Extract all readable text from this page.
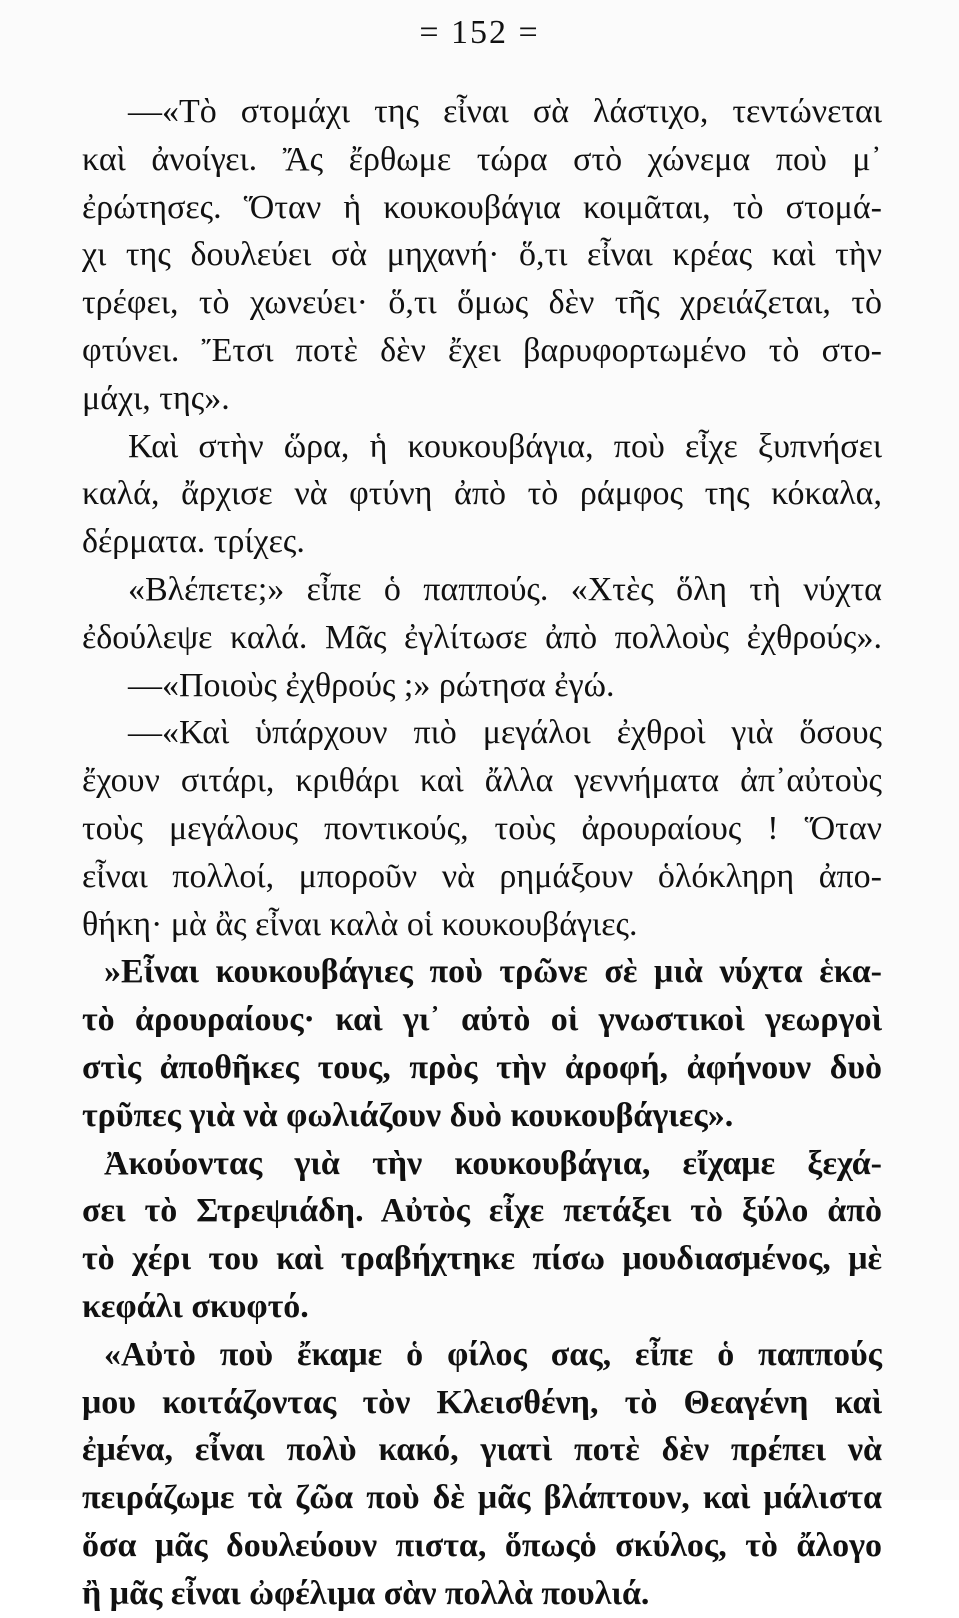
= 152 =
—«Τὸ στομάχι της εἶναι σὰ λάστιχο, τεντώνεται
καὶ ἀνοίγει. Ἄς ἔρθωμε τώρα στὸ χώνεμα ποὺ μ᾽
ἐρώτησες. Ὅταν ἡ κουκουβάγια κοιμᾶται, τὸ στομά-
χι της δουλεύει σὰ μηχανή· ὅ,τι εἶναι κρέας καὶ τὴν
τρέφει, τὸ χωνεύει· ὅ,τι ὅμως δὲν τῆς χρειάζεται, τὸ
φτύνει. Ἔτσι ποτὲ δὲν ἔχει βαρυφορτωμένο τὸ στο-
μάχι, της».
Καὶ στὴν ὥρα, ἡ κουκουβάγια, ποὺ εἶχε ξυπνήσει
καλά, ἄρχισε νὰ φτύνη ἀπὸ τὸ ράμφος της κόκαλα,
δέρματα. τρίχες.
«Βλέπετε;» εἶπε ὁ παππούς. «Χτὲς ὅλη τὴ νύχτα
ἐδούλεψε καλά. Μᾶς ἐγλίτωσε ἀπὸ πολλοὺς ἐχθρούς».
—«Ποιοὺς ἐχθρούς ;» ρώτησα ἐγώ.
—«Καὶ ὑπάρχουν πιὸ μεγάλοι ἐχθροὶ γιὰ ὅσους
ἔχουν σιτάρι, κριθάρι καὶ ἄλλα γεννήματα ἀπ᾽αὐτοὺς
τοὺς μεγάλους ποντικούς, τοὺς ἀρουραίους ! Ὅταν
εἶναι πολλοί, μποροῦν νὰ ρημάξουν ὁλόκληρη ἀπο-
θήκη· μὰ ἂς εἶναι καλὰ οἱ κουκουβάγιες.
»Εἶναι κουκουβάγιες ποὺ τρῶνε σὲ μιὰ νύχτα ἑκα-
τὸ ἀρουραίους· καὶ γι᾽ αὐτὸ οἱ γνωστικοὶ γεωργοὶ
στὶς ἀποθῆκες τους, πρὸς τὴν ἀροφή, ἀφήνουν δυὸ
τρῦπες γιὰ νὰ φωλιάζουν δυὸ κουκουβάγιες».
Ἀκούοντας γιὰ τὴν κουκουβάγια, εἴχαμε ξεχά-
σει τὸ Στρεψιάδη. Αὐτὸς εἶχε πετάξει τὸ ξύλο ἀπὸ
τὸ χέρι του καὶ τραβήχτηκε πίσω μουδιασμένος, μὲ
κεφάλι σκυφτό.
«Αὐτὸ ποὺ ἔκαμε ὁ φίλος σας, εἶπε ὁ παππούς
μου κοιτάζοντας τὸν Κλεισθένη, τὸ Θεαγένη καὶ
ἐμένα, εἶναι πολὺ κακό, γιατὶ ποτὲ δὲν πρέπει νὰ
πειράζωμε τὰ ζῶα ποὺ δὲ μᾶς βλάπτουν, καὶ μάλιστα
ὅσα μᾶς δουλεύουν πιστα, ὅπωςὁ σκύλος, τὸ ἄλογο
ἢ μᾶς εἶναι ὠφέλιμα σὰν πολλὰ πουλιά.
